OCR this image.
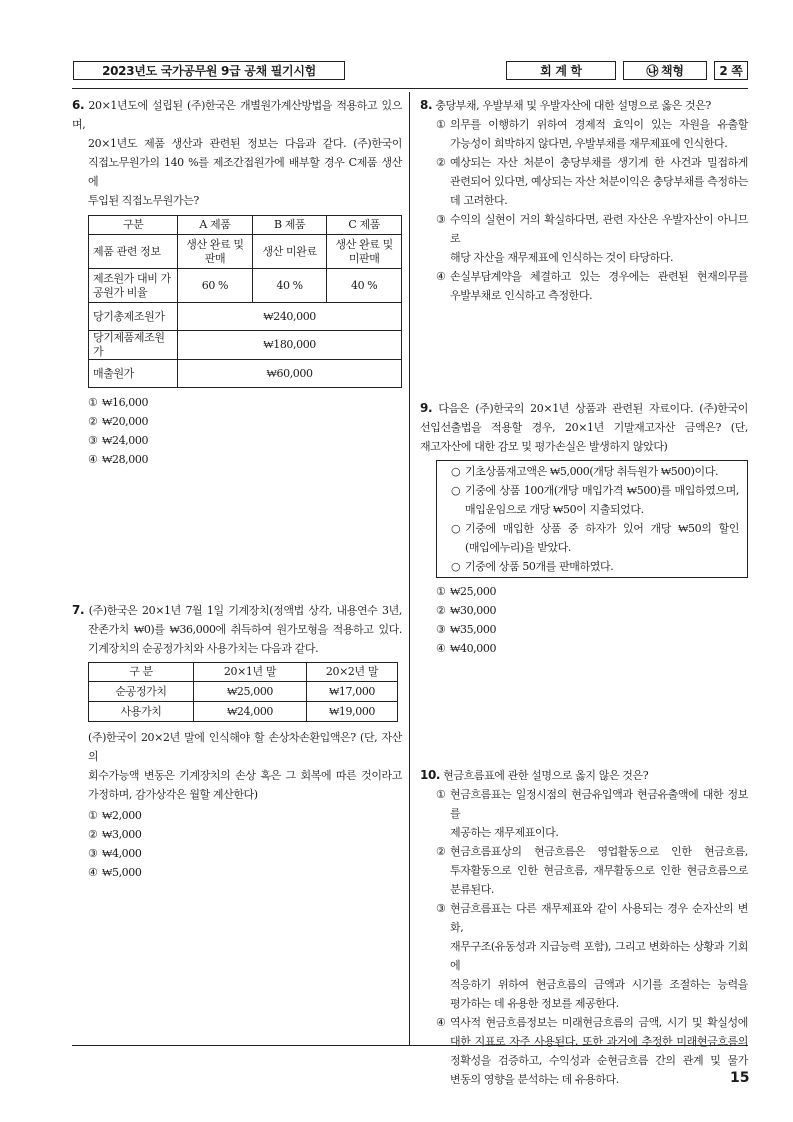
2023년도 국가공무원 9급 공채 필기시험	회 계 학	㉯ 책형	2 쪽

6. 20×1년도에 설립된 (주)한국은 개별원가계산방법을 적용하고 있으며,

20×1년도 제품 생산과 관련된 정보는 다음과 같다. (주)한국이

직접노무원가의 140 %를 제조간접원가에 배부할 경우 C제품 생산에

투입된 직접노무원가는?

구분	A 제품	B 제품	C 제품
제품 관련 정보	생산 완료 및 판매	생산 미완료	생산 완료 및 미판매
제조원가 대비 가공원가 비율	60 %	40 %	40 %
당기총제조원가	₩240,000		
당기제품제조원가	₩180,000		
매출원가	₩60,000		
① ₩16,000
② ₩20,000
③ ₩24,000
④ ₩28,000

7. (주)한국은 20×1년 7월 1일 기계장치(정액법 상각, 내용연수 3년,

잔존가치 ₩0)를 ₩36,000에 취득하여 원가모형을 적용하고 있다.

기계장치의 순공정가치와 사용가치는 다음과 같다.

구 분	20×1년 말	20×2년 말
순공정가치	₩25,000	₩17,000
사용가치	₩24,000	₩19,000

(주)한국이 20×2년 말에 인식해야 할 손상차손환입액은? (단, 자산의

회수가능액 변동은 기계장치의 손상 혹은 그 회복에 따른 것이라고

가정하며, 감가상각은 월할 계산한다)

① ₩2,000
② ₩3,000
③ ₩4,000
④ ₩5,000

8. 충당부채, 우발부채 및 우발자산에 대한 설명으로 옳은 것은?

① 의무를 이행하기 위하여 경제적 효익이 있는 자원을 유출할

가능성이 희박하지 않다면, 우발부채를 재무제표에 인식한다.

② 예상되는 자산 처분이 충당부채를 생기게 한 사건과 밀접하게

관련되어 있다면, 예상되는 자산 처분이익은 충당부채를 측정하는

데 고려한다.

③ 수익의 실현이 거의 확실하다면, 관련 자산은 우발자산이 아니므로

해당 자산을 재무제표에 인식하는 것이 타당하다.

④ 손실부담계약을 체결하고 있는 경우에는 관련된 현재의무를

우발부채로 인식하고 측정한다.

9. 다음은 (주)한국의 20×1년 상품과 관련된 자료이다. (주)한국이

선입선출법을 적용할 경우, 20×1년 기말재고자산 금액은? (단,

재고자산에 대한 감모 및 평가손실은 발생하지 않았다)

○ 기초상품재고액은 ₩5,000(개당 취득원가 ₩500)이다.

○ 기중에 상품 100개(개당 매입가격 ₩500)를 매입하였으며,

매입운임으로 개당 ₩50이 지출되었다.

○ 기중에 매입한 상품 중 하자가 있어 개당 ₩50의 할인

(매입에누리)을 받았다.

○ 기중에 상품 50개를 판매하였다.

① ₩25,000
② ₩30,000
③ ₩35,000
④ ₩40,000

10. 현금흐름표에 관한 설명으로 옳지 않은 것은?

① 현금흐름표는 일정시점의 현금유입액과 현금유출액에 대한 정보를

제공하는 재무제표이다.

② 현금흐름표상의 현금흐름은 영업활동으로 인한 현금흐름,

투자활동으로 인한 현금흐름, 재무활동으로 인한 현금흐름으로

분류된다.

③ 현금흐름표는 다른 재무제표와 같이 사용되는 경우 순자산의 변화,

재무구조(유동성과 지급능력 포함), 그리고 변화하는 상황과 기회에

적응하기 위하여 현금흐름의 금액과 시기를 조절하는 능력을

평가하는 데 유용한 정보를 제공한다.

④ 역사적 현금흐름정보는 미래현금흐름의 금액, 시기 및 확실성에

대한 지표로 자주 사용된다. 또한 과거에 추정한 미래현금흐름의

정확성을 검증하고, 수익성과 순현금흐름 간의 관계 및 물가

변동의 영향을 분석하는 데 유용하다.	15
